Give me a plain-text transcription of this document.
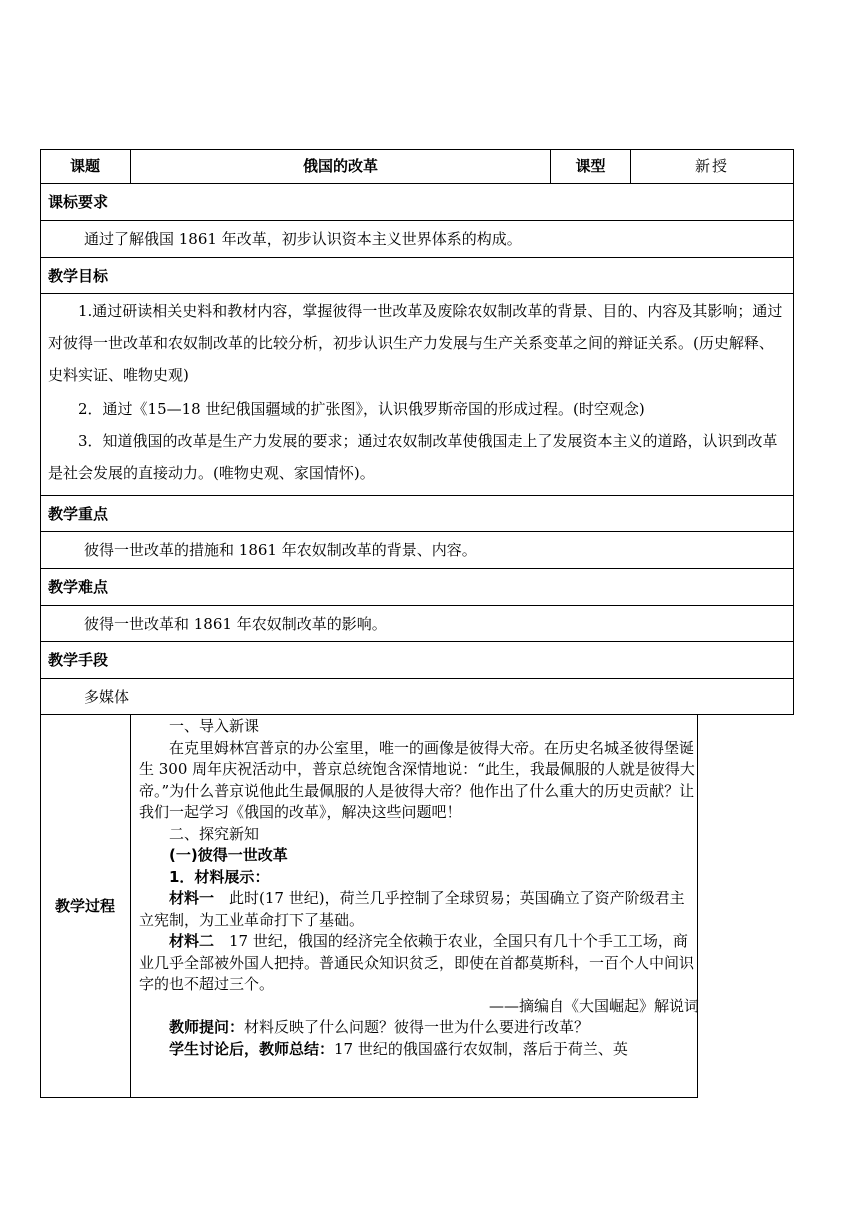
课题	俄国的改革	课型	新授
课标要求
通过了解俄国 1861 年改革，初步认识资本主义世界体系的构成。
教学目标
1.通过研读相关史料和教材内容，掌握彼得一世改革及废除农奴制改革的背景、目的、内容及其影响；通过对彼得一世改革和农奴制改革的比较分析，初步认识生产力发展与生产关系变革之间的辩证关系。(历史解释、史料实证、唯物史观)
2．通过《15—18 世纪俄国疆域的扩张图》，认识俄罗斯帝国的形成过程。(时空观念)
3．知道俄国的改革是生产力发展的要求；通过农奴制改革使俄国走上了发展资本主义的道路，认识到改革是社会发展的直接动力。(唯物史观、家国情怀)。
教学重点
彼得一世改革的措施和 1861 年农奴制改革的背景、内容。
教学难点
彼得一世改革和 1861 年农奴制改革的影响。
教学手段
多媒体
教学过程

一、导入新课

在克里姆林宫普京的办公室里，唯一的画像是彼得大帝。在历史名城圣彼得堡诞生 300 周年庆祝活动中，普京总统饱含深情地说：“此生，我最佩服的人就是彼得大帝。”为什么普京说他此生最佩服的人是彼得大帝？他作出了什么重大的历史贡献？让我们一起学习《俄国的改革》，解决这些问题吧！

二、探究新知

(一)彼得一世改革

1．材料展示：

材料一　此时(17 世纪)，荷兰几乎控制了全球贸易；英国确立了资产阶级君主立宪制，为工业革命打下了基础。

材料二　17 世纪，俄国的经济完全依赖于农业，全国只有几十个手工工场，商业几乎全部被外国人把持。普通民众知识贫乏，即使在首都莫斯科，一百个人中间识字的也不超过三个。

——摘编自《大国崛起》解说词

教师提问：材料反映了什么问题？彼得一世为什么要进行改革？

学生讨论后，教师总结：17 世纪的俄国盛行农奴制，落后于荷兰、英
